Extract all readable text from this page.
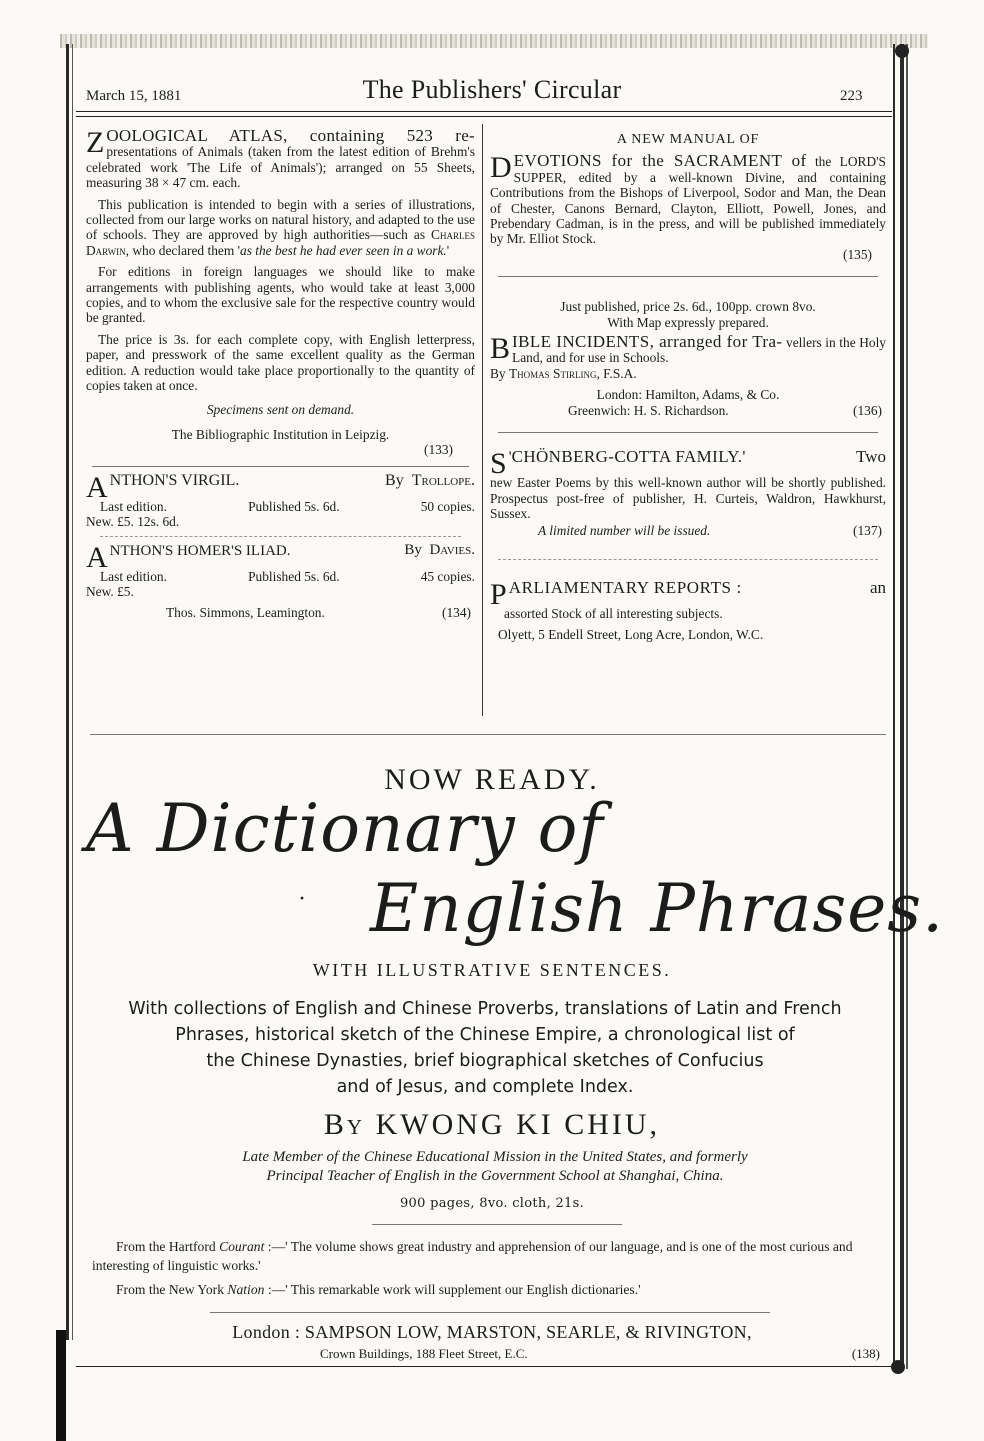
March 15, 1881	The Publishers' Circular	223

ZOOLOGICAL ATLAS, containing 523 re- presentations of Animals (taken from the latest edition of Brehm's celebrated work 'The Life of Animals'); arranged on 55 Sheets, measuring 38 × 47 cm. each.

This publication is intended to begin with a series of illustrations, collected from our large works on natural history, and adapted to the use of schools. They are approved by high authorities—such as Charles Darwin, who declared them 'as the best he had ever seen in a work.'

For editions in foreign languages we should like to make arrangements with publishing agents, who would take at least 3,000 copies, and to whom the exclusive sale for the respective country would be granted.

The price is 3s. for each complete copy, with English letterpress, paper, and presswork of the same excellent quality as the German edition. A reduction would take place proportionally to the quantity of copies taken at once.

Specimens sent on demand.

The Bibliographic Institution in Leipzig.

(133)

ANTHON'S VIRGIL.	By Trollope.
Last edition.	Published 5s. 6d.	50 copies.
New. £5. 12s. 6d.
ANTHON'S HOMER'S ILIAD.	By Davies.
Last edition.	Published 5s. 6d.	45 copies.
New. £5.
Thos. Simmons, Leamington.	(134)

A NEW MANUAL OF

DEVOTIONS for the SACRAMENT of the LORD'S SUPPER, edited by a well-known Divine, and containing Contributions from the Bishops of Liverpool, Sodor and Man, the Dean of Chester, Canons Bernard, Clayton, Elliott, Powell, Jones, and Prebendary Cadman, is in the press, and will be published immediately by Mr. Elliot Stock.

(135)

Just published, price 2s. 6d., 100pp. crown 8vo.

With Map expressly prepared.

BIBLE INCIDENTS, arranged for Tra- vellers in the Holy Land, and for use in Schools.

By Thomas Stirling, F.S.A.

London: Hamilton, Adams, & Co.

Greenwich: H. S. Richardson.	(136)
'
S CHÖNBERG-COTTA FAMILY.'	Two

new Easter Poems by this well-known author will be shortly published. Prospectus post-free of publisher, H. Curteis, Waldron, Hawkhurst, Sussex.

A limited number will be issued.	(137)
PARLIAMENTARY REPORTS :	an

assorted Stock of all interesting subjects.

Olyett, 5 Endell Street, Long Acre, London, W.C.

NOW READY.
A Dictionary of
· English Phrases.
WITH ILLUSTRATIVE SENTENCES.
With collections of English and Chinese Proverbs, translations of Latin and French
Phrases, historical sketch of the Chinese Empire, a chronological list of
the Chinese Dynasties, brief biographical sketches of Confucius
and of Jesus, and complete Index.
By KWONG KI CHIU,
Late Member of the Chinese Educational Mission in the United States, and formerly
Principal Teacher of English in the Government School at Shanghai, China.
900 pages, 8vo. cloth, 21s.

From the Hartford Courant :—' The volume shows great industry and apprehension of our language, and is one of the most curious and interesting of linguistic works.'

From the New York Nation :—' This remarkable work will supplement our English dictionaries.'

London : SAMPSON LOW, MARSTON, SEARLE, & RIVINGTON,
Crown Buildings, 188 Fleet Street, E.C.	(138)
